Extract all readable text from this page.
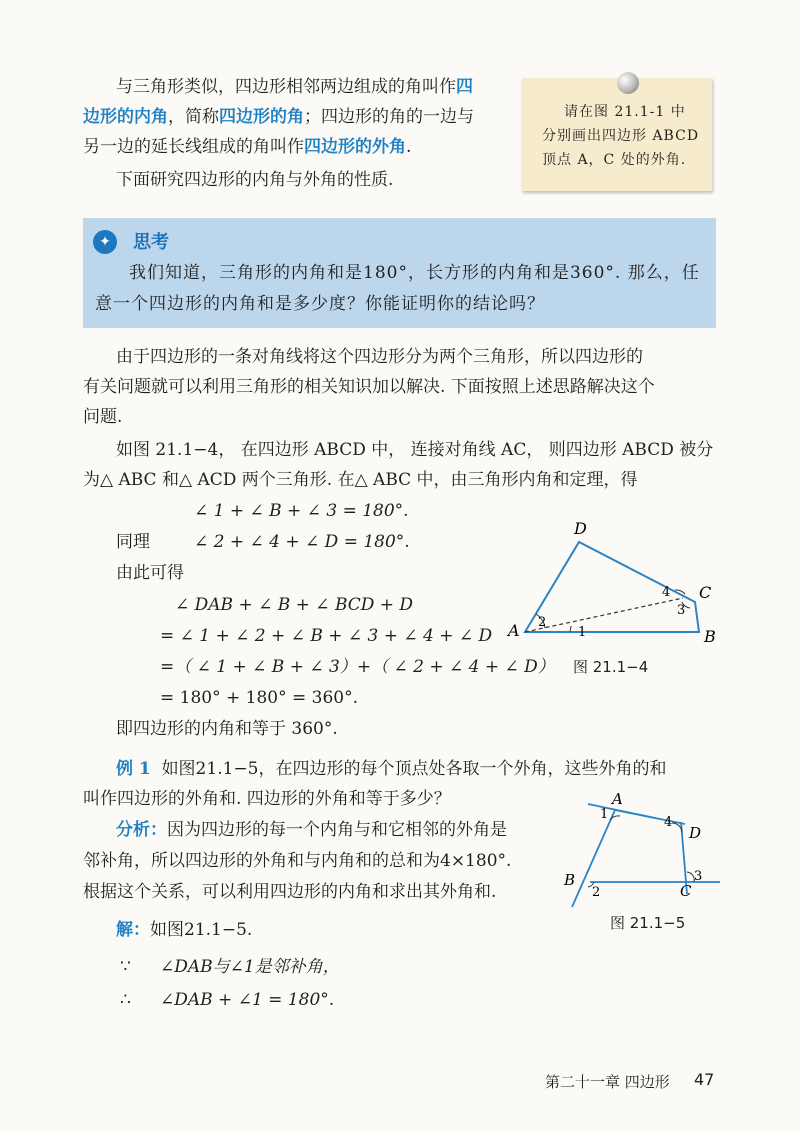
与三角形类似，四边形相邻两边组成的角叫作四
边形的内角，简称四边形的角；四边形的角的一边与
另一边的延长线组成的角叫作四边形的外角.
下面研究四边形的内角与外角的性质.
请在图 21.1-1 中
分别画出四边形 ABCD
顶点 A，C 处的外角.
✦	思考
我们知道，三角形的内角和是180°，长方形的内角和是360°. 那么，任
意一个四边形的内角和是多少度？你能证明你的结论吗？
由于四边形的一条对角线将这个四边形分为两个三角形，所以四边形的
有关问题就可以利用三角形的相关知识加以解决. 下面按照上述思路解决这个
问题.
如图 21.1−4， 在四边形 ABCD 中， 连接对角线 AC， 则四边形 ABCD 被分
为△ ABC 和△ ACD 两个三角形. 在△ ABC 中，由三角形内角和定理，得
∠ 1 + ∠ B + ∠ 3 = 180°.
同理	∠ 2 + ∠ 4 + ∠ D = 180°.
由此可得
∠ DAB + ∠ B + ∠ BCD + D
= ∠ 1 + ∠ 2 + ∠ B + ∠ 3 + ∠ 4 + ∠ D
=（ ∠ 1 + ∠ B + ∠ 3）+（ ∠ 2 + ∠ 4 + ∠ D）
= 180° + 180° = 360°.
即四边形的内角和等于 360°.
A	B
C
D
1
2
3
4
图 21.1−4
例 1 如图21.1−5，在四边形的每个顶点处各取一个外角，这些外角的和
叫作四边形的外角和. 四边形的外角和等于多少？
分析：因为四边形的每一个内角与和它相邻的外角是
邻补角，所以四边形的外角和与内角和的总和为4×180°.
根据这个关系，可以利用四边形的内角和求出其外角和.
解：如图21.1−5.
∵ ∠DAB与∠1是邻补角，
∴ ∠DAB + ∠1 = 180°.
A
B
C
D
1
2
3
4
图 21.1−5
第二十一章 四边形 47
